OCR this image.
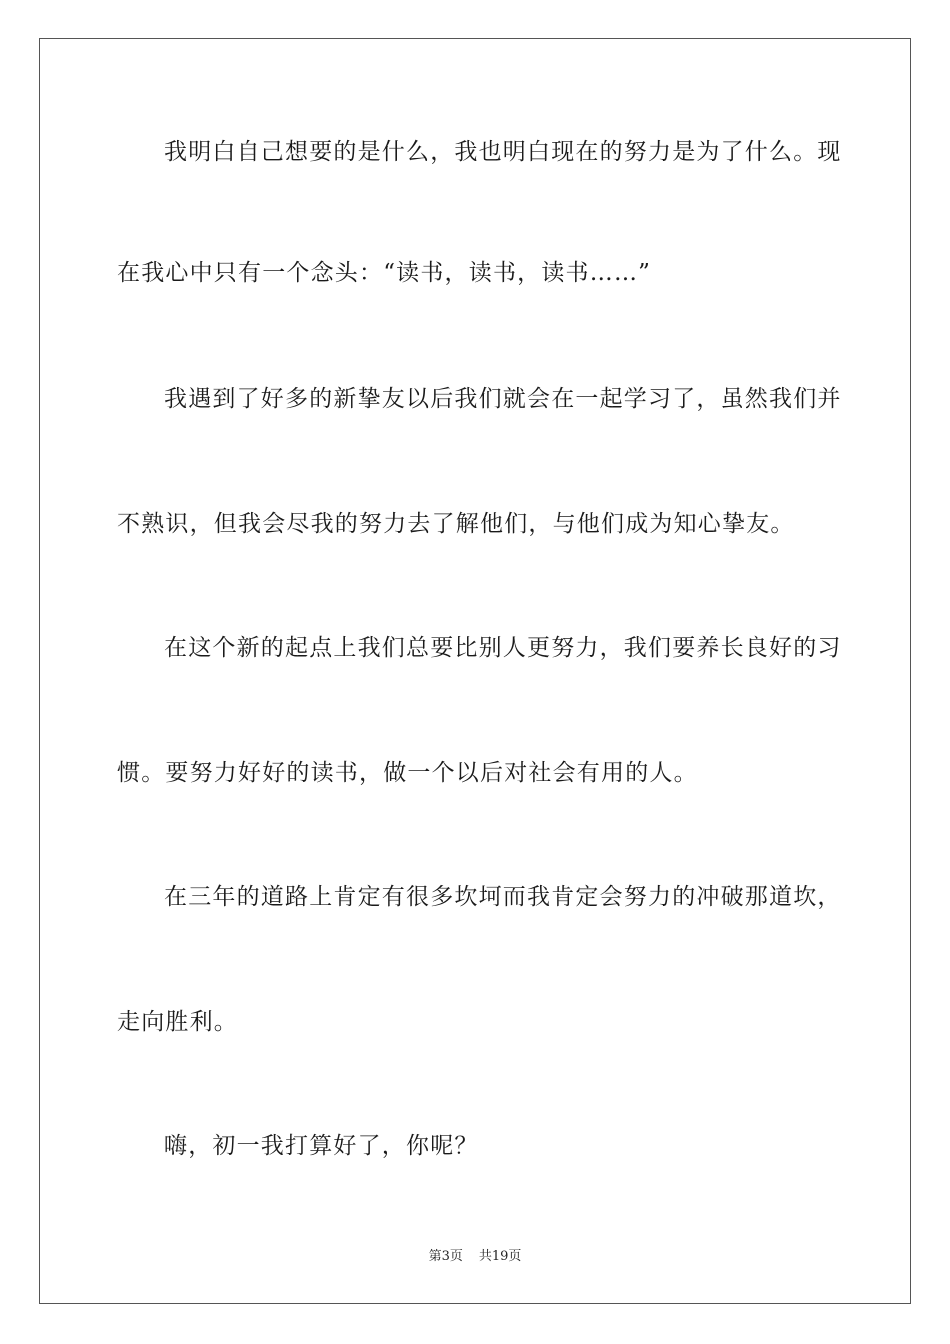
我明白自己想要的是什么，我也明白现在的努力是为了什么。现
在我心中只有一个念头：“读书，读书，读书……”
我遇到了好多的新挚友以后我们就会在一起学习了，虽然我们并
不熟识，但我会尽我的努力去了解他们，与他们成为知心挚友。
在这个新的起点上我们总要比别人更努力，我们要养长良好的习
惯。要努力好好的读书，做一个以后对社会有用的人。
在三年的道路上肯定有很多坎坷而我肯定会努力的冲破那道坎，
走向胜利。
嗨，初一我打算好了，你呢？
第3页 共19页
